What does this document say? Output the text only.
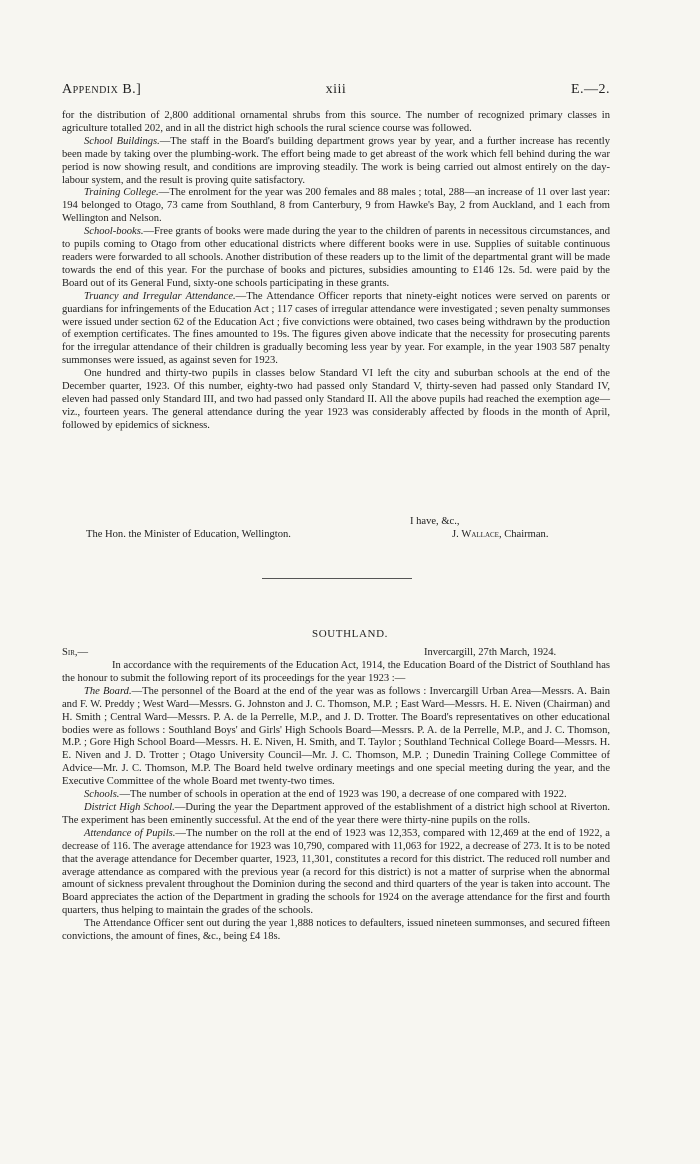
Appendix B.]	xiii	E.—2.

for the distribution of 2,800 additional ornamental shrubs from this source. The number of recognized primary classes in agriculture totalled 202, and in all the district high schools the rural science course was followed.

School Buildings.—The staff in the Board's building department grows year by year, and a further increase has recently been made by taking over the plumbing-work. The effort being made to get abreast of the work which fell behind during the war period is now showing result, and conditions are improving steadily. The work is being carried out almost entirely on the day-labour system, and the result is proving quite satisfactory.

Training College.—The enrolment for the year was 200 females and 88 males ; total, 288—an increase of 11 over last year: 194 belonged to Otago, 73 came from Southland, 8 from Canterbury, 9 from Hawke's Bay, 2 from Auckland, and 1 each from Wellington and Nelson.

School-books.—Free grants of books were made during the year to the children of parents in necessitous circumstances, and to pupils coming to Otago from other educational districts where different books were in use. Supplies of suitable continuous readers were forwarded to all schools. Another distribution of these readers up to the limit of the departmental grant will be made towards the end of this year. For the purchase of books and pictures, subsidies amounting to £146 12s. 5d. were paid by the Board out of its General Fund, sixty-one schools participating in these grants.

Truancy and Irregular Attendance.—The Attendance Officer reports that ninety-eight notices were served on parents or guardians for infringements of the Education Act ; 117 cases of irregular attendance were investigated ; seven penalty summonses were issued under section 62 of the Education Act ; five convictions were obtained, two cases being withdrawn by the production of exemption certificates. The fines amounted to 19s. The figures given above indicate that the necessity for prosecuting parents for the irregular attendance of their children is gradually becoming less year by year. For example, in the year 1903 587 penalty summonses were issued, as against seven for 1923.

One hundred and thirty-two pupils in classes below Standard VI left the city and suburban schools at the end of the December quarter, 1923. Of this number, eighty-two had passed only Standard V, thirty-seven had passed only Standard IV, eleven had passed only Standard III, and two had passed only Standard II. All the above pupils had reached the exemption age—viz., fourteen years. The general attendance during the year 1923 was considerably affected by floods in the month of April, followed by epidemics of sickness.

I have, &c.,
The Hon. the Minister of Education, Wellington.	J. Wallace, Chairman.
SOUTHLAND.
Sir,—	Invercargill, 27th March, 1924.

In accordance with the requirements of the Education Act, 1914, the Education Board of the District of Southland has the honour to submit the following report of its proceedings for the year 1923 :—

The Board.—The personnel of the Board at the end of the year was as follows : Invercargill Urban Area—Messrs. A. Bain and F. W. Preddy ; West Ward—Messrs. G. Johnston and J. C. Thomson, M.P. ; East Ward—Messrs. H. E. Niven (Chairman) and H. Smith ; Central Ward—Messrs. P. A. de la Perrelle, M.P., and J. D. Trotter. The Board's representatives on other educational bodies were as follows : Southland Boys' and Girls' High Schools Board—Messrs. P. A. de la Perrelle, M.P., and J. C. Thomson, M.P. ; Gore High School Board—Messrs. H. E. Niven, H. Smith, and T. Taylor ; Southland Technical College Board—Messrs. H. E. Niven and J. D. Trotter ; Otago University Council—Mr. J. C. Thomson, M.P. ; Dunedin Training College Committee of Advice—Mr. J. C. Thomson, M.P. The Board held twelve ordinary meetings and one special meeting during the year, and the Executive Committee of the whole Board met twenty-two times.

Schools.—The number of schools in operation at the end of 1923 was 190, a decrease of one compared with 1922.

District High School.—During the year the Department approved of the establishment of a district high school at Riverton. The experiment has been eminently successful. At the end of the year there were thirty-nine pupils on the rolls.

Attendance of Pupils.—The number on the roll at the end of 1923 was 12,353, compared with 12,469 at the end of 1922, a decrease of 116. The average attendance for 1923 was 10,790, compared with 11,063 for 1922, a decrease of 273. It is to be noted that the average attendance for December quarter, 1923, 11,301, constitutes a record for this district. The reduced roll number and average attendance as compared with the previous year (a record for this district) is not a matter of surprise when the abnormal amount of sickness prevalent throughout the Dominion during the second and third quarters of the year is taken into account. The Board appreciates the action of the Department in grading the schools for 1924 on the average attendance for the first and fourth quarters, thus helping to maintain the grades of the schools.

The Attendance Officer sent out during the year 1,888 notices to defaulters, issued nineteen summonses, and secured fifteen convictions, the amount of fines, &c., being £4 18s.
